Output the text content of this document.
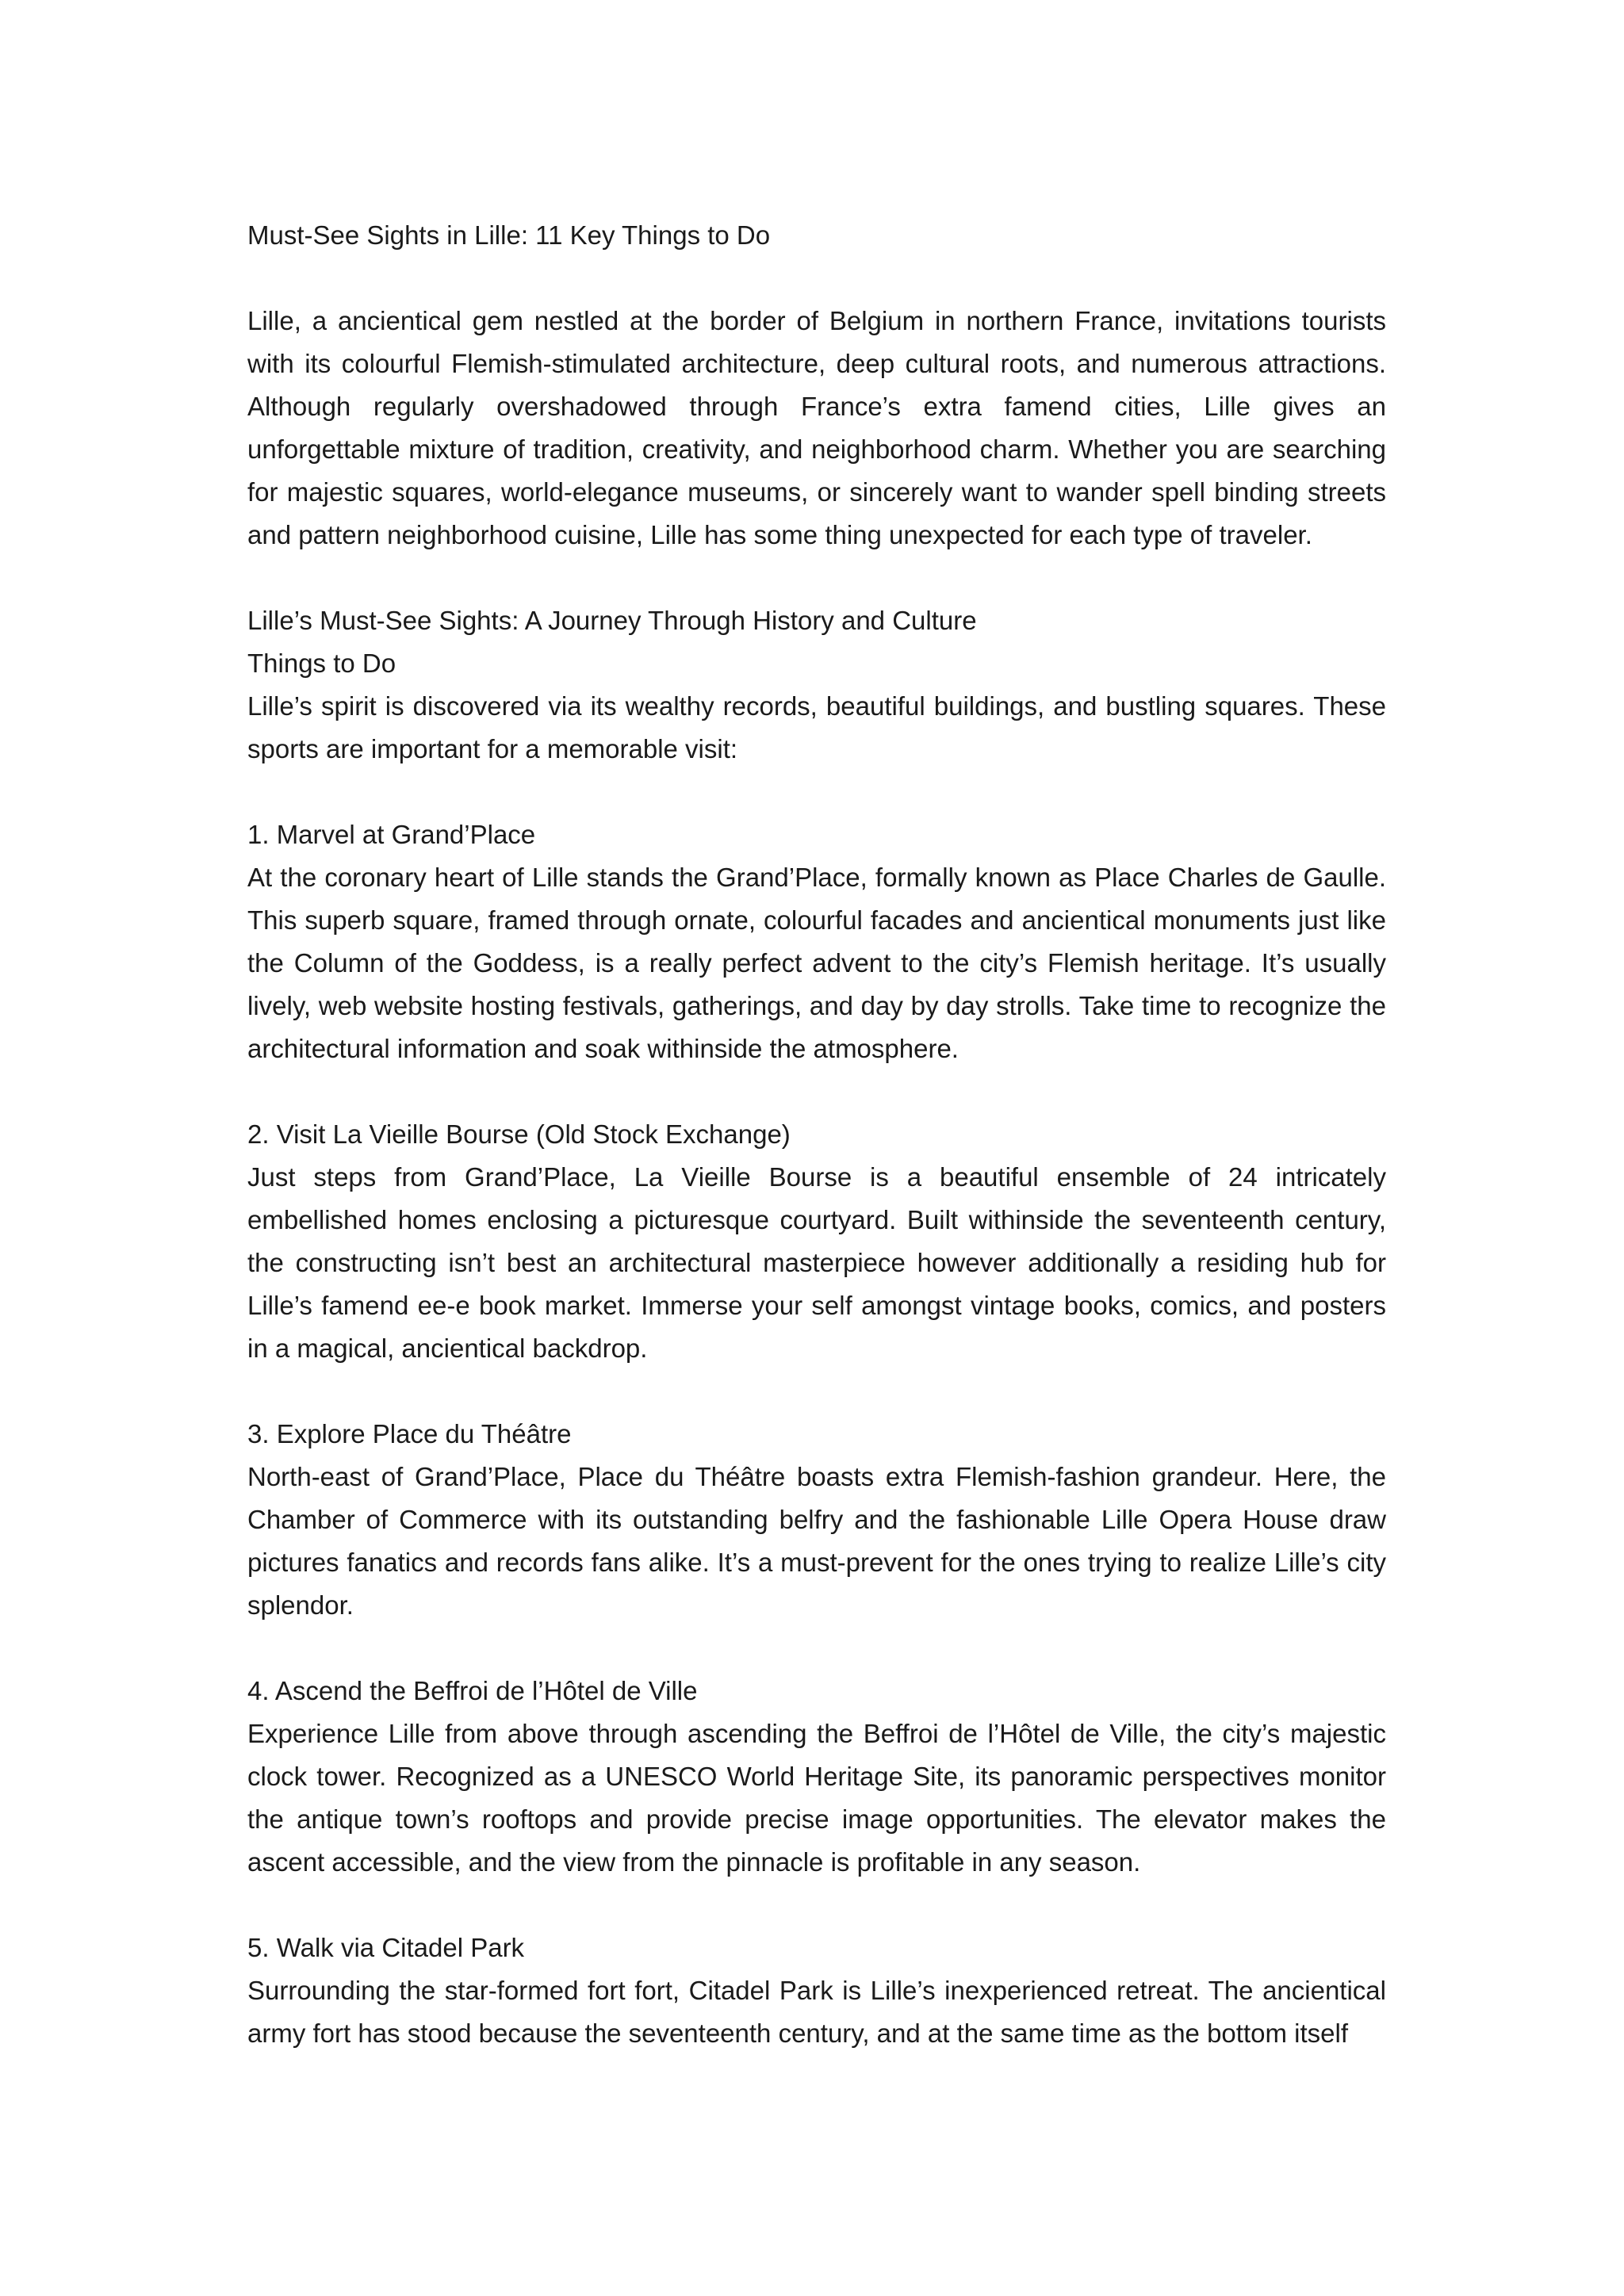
Must-See Sights in Lille: 11 Key Things to Do

Lille, a ancientical gem nestled at the border of Belgium in northern France, invitations tourists with its colourful Flemish-stimulated architecture, deep cultural roots, and numerous attractions. Although regularly overshadowed through France’s extra famend cities, Lille gives an unforgettable mixture of tradition, creativity, and neighborhood charm. Whether you are searching for majestic squares, world-elegance museums, or sincerely want to wander spell binding streets and pattern neighborhood cuisine, Lille has some thing unexpected for each type of traveler.

Lille’s Must-See Sights: A Journey Through History and Culture

Things to Do

Lille’s spirit is discovered via its wealthy records, beautiful buildings, and bustling squares. These sports are important for a memorable visit:

1. Marvel at Grand’Place

At the coronary heart of Lille stands the Grand’Place, formally known as Place Charles de Gaulle. This superb square, framed through ornate, colourful facades and ancientical monuments just like the Column of the Goddess, is a really perfect advent to the city’s Flemish heritage. It’s usually lively, web website hosting festivals, gatherings, and day by day strolls. Take time to recognize the architectural information and soak withinside the atmosphere.

2. Visit La Vieille Bourse (Old Stock Exchange)

Just steps from Grand’Place, La Vieille Bourse is a beautiful ensemble of 24 intricately embellished homes enclosing a picturesque courtyard. Built withinside the seventeenth century, the constructing isn’t best an architectural masterpiece however additionally a residing hub for Lille’s famend ee-e book market. Immerse your self amongst vintage books, comics, and posters in a magical, ancientical backdrop.

3. Explore Place du Théâtre

North-east of Grand’Place, Place du Théâtre boasts extra Flemish-fashion grandeur. Here, the Chamber of Commerce with its outstanding belfry and the fashionable Lille Opera House draw pictures fanatics and records fans alike. It’s a must-prevent for the ones trying to realize Lille’s city splendor.

4. Ascend the Beffroi de l’Hôtel de Ville

Experience Lille from above through ascending the Beffroi de l’Hôtel de Ville, the city’s majestic clock tower. Recognized as a UNESCO World Heritage Site, its panoramic perspectives monitor the antique town’s rooftops and provide precise image opportunities. The elevator makes the ascent accessible, and the view from the pinnacle is profitable in any season.

5. Walk via Citadel Park

Surrounding the star-formed fort fort, Citadel Park is Lille’s inexperienced retreat. The ancientical army fort has stood because the seventeenth century, and at the same time as the bottom itself
